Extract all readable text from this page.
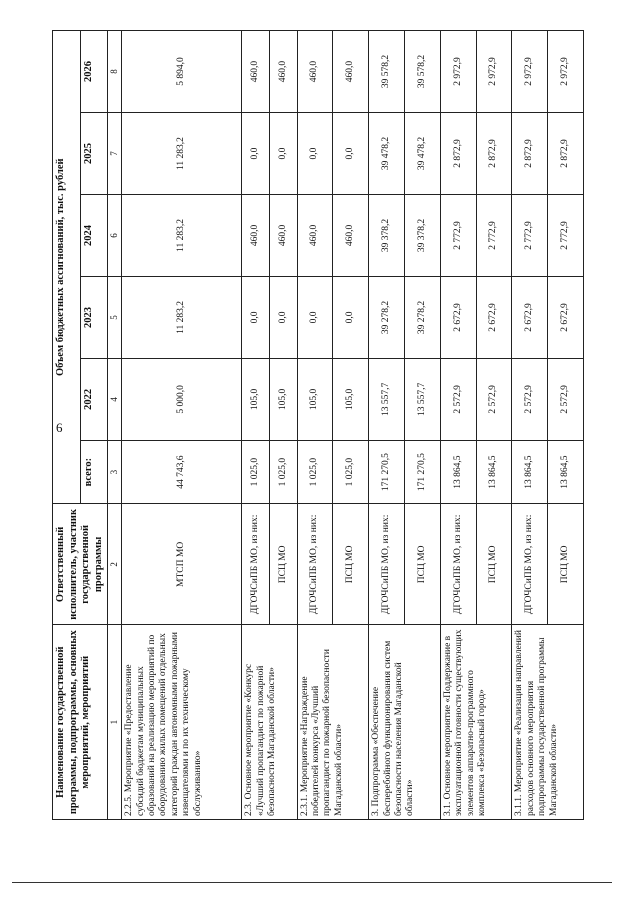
6
Наименование государственной программы, подпрограммы, основных мероприятий, мероприятий	Ответственный исполнитель, участник государственной программы	Объем бюджетных ассигнований, тыс. рублей					
		всего:	2022	2023	2024	2025	2026
1	2	3	4	5	6	7	8
2.2.5. Мероприятие «Предоставление субсидий бюджетам муниципальных образований на реализацию мероприятий по оборудованию жилых помещений отдельных категорий граждан автономными пожарными извещателями и по их техническому обслуживанию»	МТСП МО	44 743,6	5 000,0	11 283,2	11 283,2	11 283,2	5 894,0
2.3. Основное мероприятие «Конкурс «Лучший пропагандист по пожарной безопасности Магаданской области»	ДГОЧСиПБ МО, из них:	1 025,0	105,0	0,0	460,0	0,0	460,0
	ПСЦ МО	1 025,0	105,0	0,0	460,0	0,0	460,0
2.3.1. Мероприятие «Награждение победителей конкурса «Лучший пропагандист по пожарной безопасности Магаданской области»	ДГОЧСиПБ МО, из них:	1 025,0	105,0	0,0	460,0	0,0	460,0
	ПСЦ МО	1 025,0	105,0	0,0	460,0	0,0	460,0
3. Подпрограмма «Обеспечение бесперебойного функционирования систем безопасности населения Магаданской области»	ДГОЧСиПБ МО, из них:	171 270,5	13 557,7	39 278,2	39 378,2	39 478,2	39 578,2
	ПСЦ МО	171 270,5	13 557,7	39 278,2	39 378,2	39 478,2	39 578,2
3.1. Основное мероприятие «Поддержание в эксплуатационной готовности существующих элементов аппаратно-программного комплекса «Безопасный город»	ДГОЧСиПБ МО, из них:	13 864,5	2 572,9	2 672,9	2 772,9	2 872,9	2 972,9
	ПСЦ МО	13 864,5	2 572,9	2 672,9	2 772,9	2 872,9	2 972,9
3.1.1. Мероприятие «Реализация направлений расходов основного мероприятия подпрограммы государственной программы Магаданской области»	ДГОЧСиПБ МО, из них:	13 864,5	2 572,9	2 672,9	2 772,9	2 872,9	2 972,9
	ПСЦ МО	13 864,5	2 572,9	2 672,9	2 772,9	2 872,9	2 972,9
